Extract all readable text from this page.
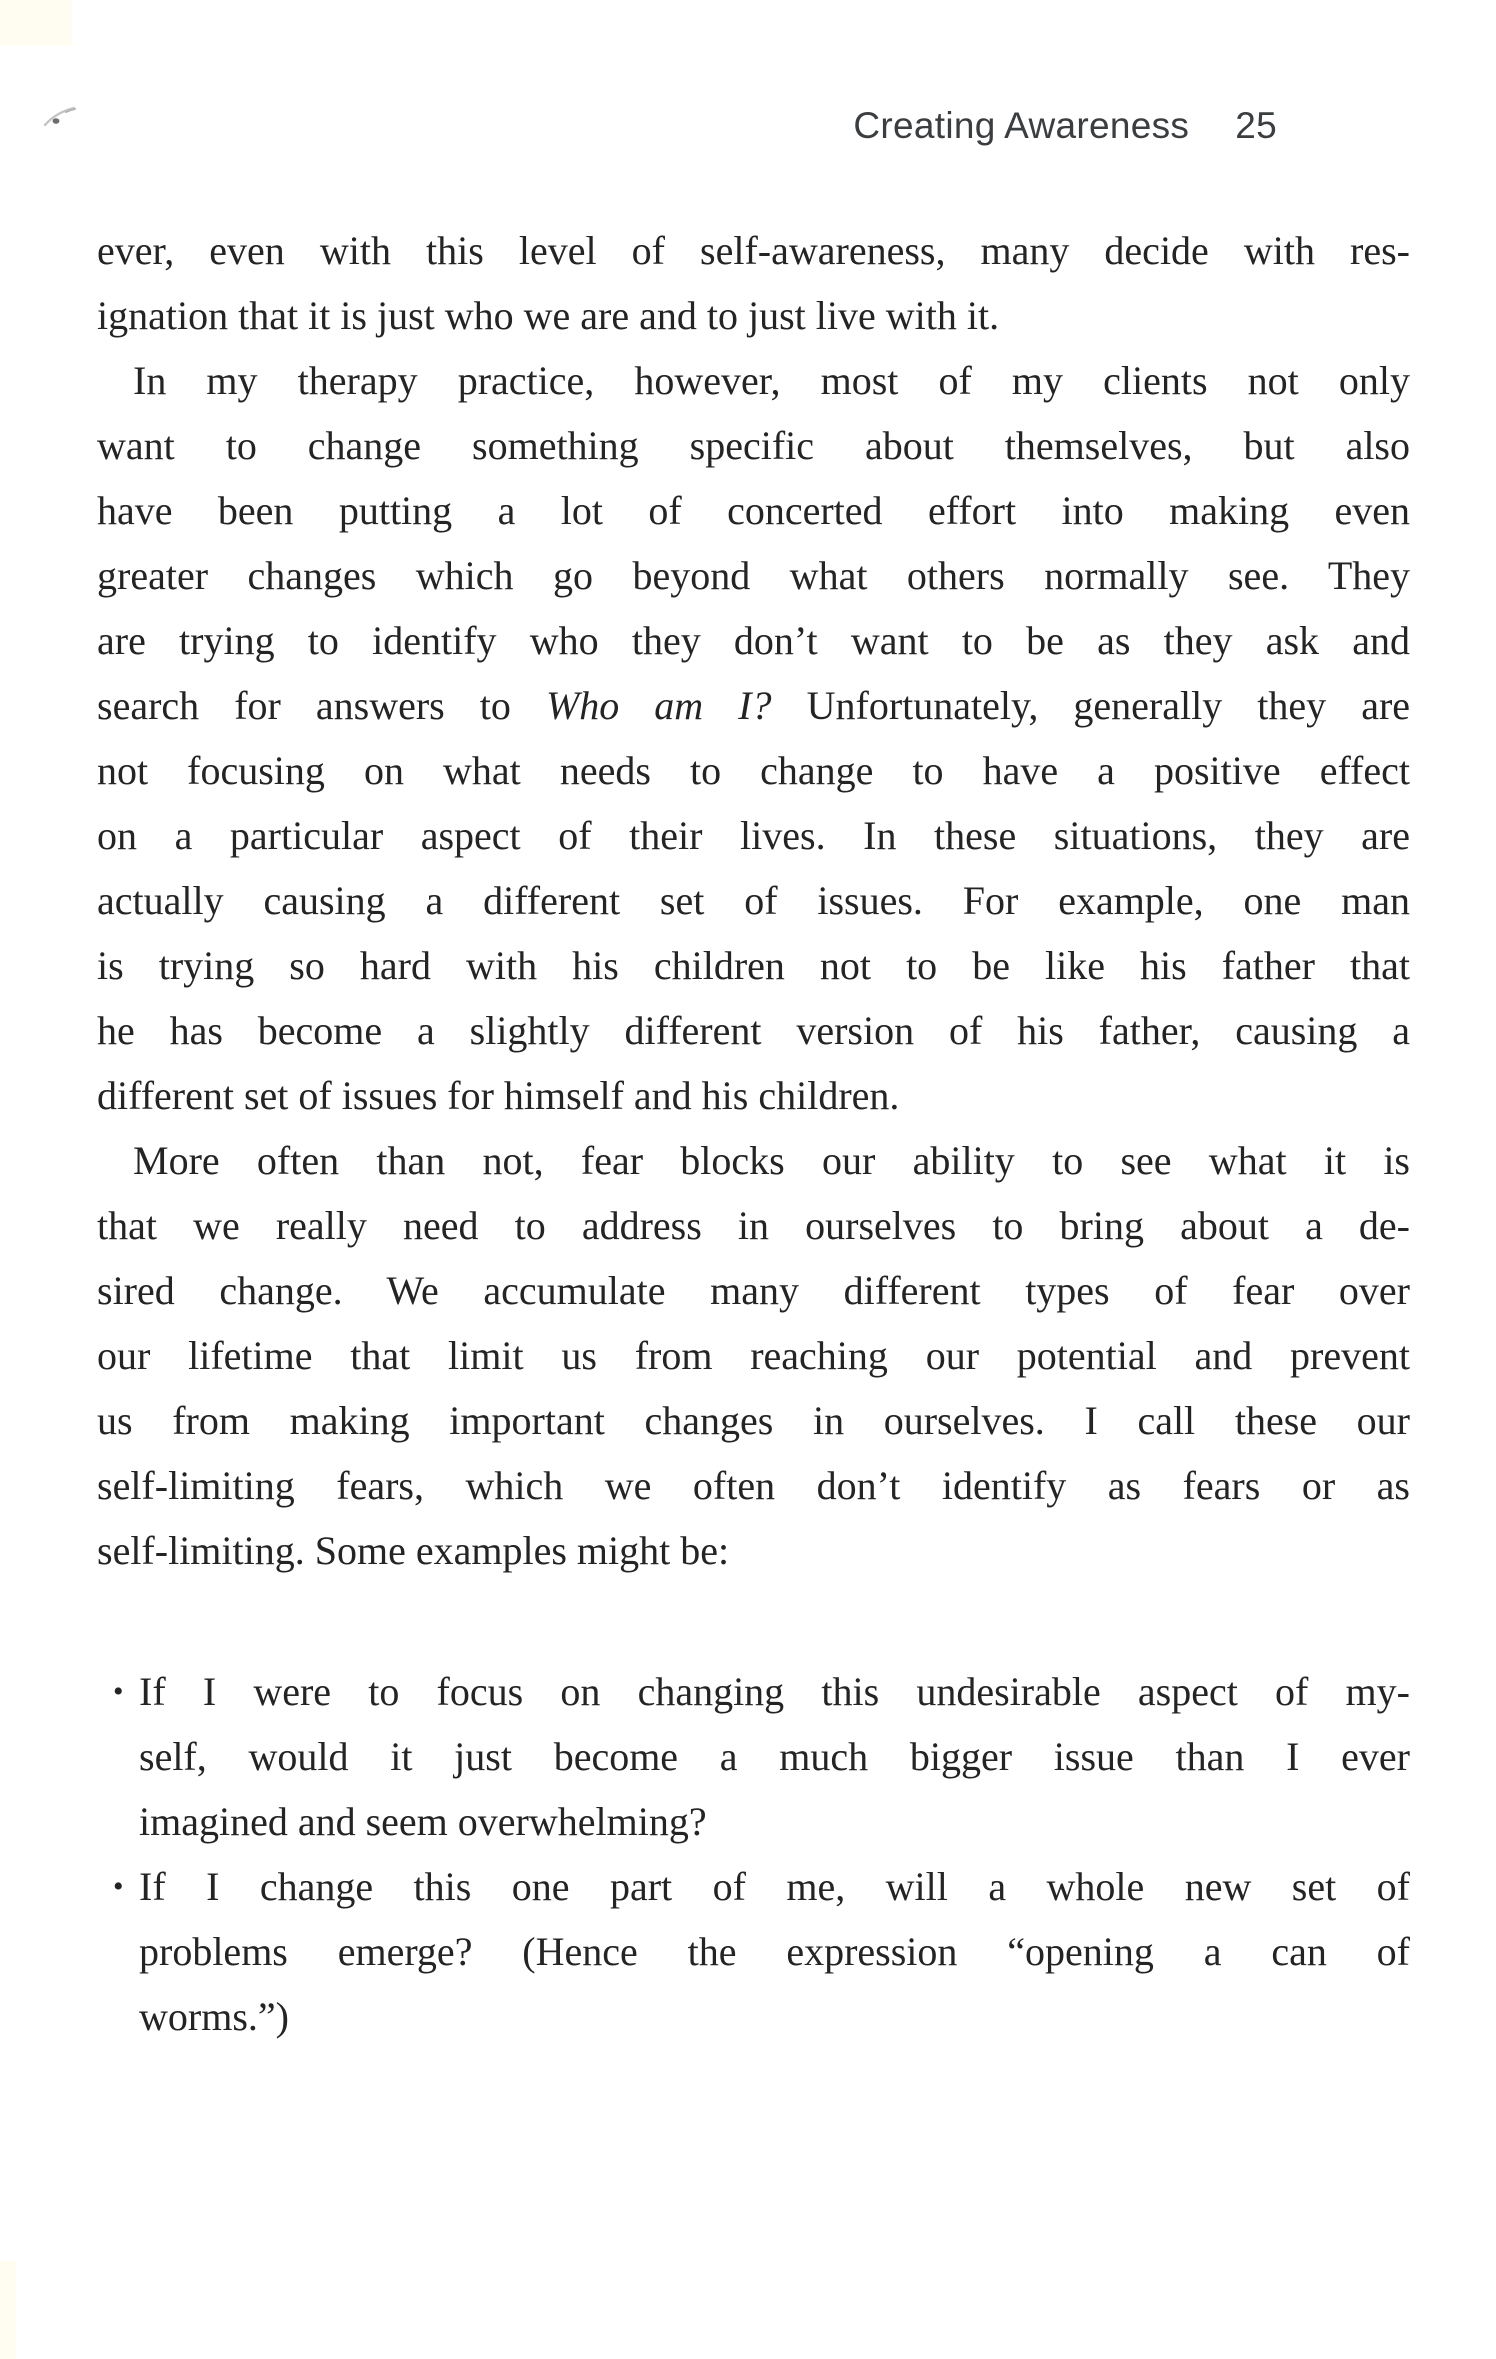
Creating Awareness 25
ever, even with this level of self-awareness, many decide with res-
ignation that it is just who we are and to just live with it.
In my therapy practice, however, most of my clients not only
want to change something specific about themselves, but also
have been putting a lot of concerted effort into making even
greater changes which go beyond what others normally see. They
are trying to identify who they don’t want to be as they ask and
search for answers to Who am I? Unfortunately, generally they are
not focusing on what needs to change to have a positive effect
on a particular aspect of their lives. In these situations, they are
actually causing a different set of issues. For example, one man
is trying so hard with his children not to be like his father that
he has become a slightly different version of his father, causing a
different set of issues for himself and his children.
More often than not, fear blocks our ability to see what it is
that we really need to address in ourselves to bring about a de-
sired change. We accumulate many different types of fear over
our lifetime that limit us from reaching our potential and prevent
us from making important changes in ourselves. I call these our
self-limiting fears, which we often don’t identify as fears or as
self-limiting. Some examples might be:
• If I were to focus on changing this undesirable aspect of my-
self, would it just become a much bigger issue than I ever
imagined and seem overwhelming?
• If I change this one part of me, will a whole new set of
problems emerge? (Hence the expression “opening a can of
worms.”)
